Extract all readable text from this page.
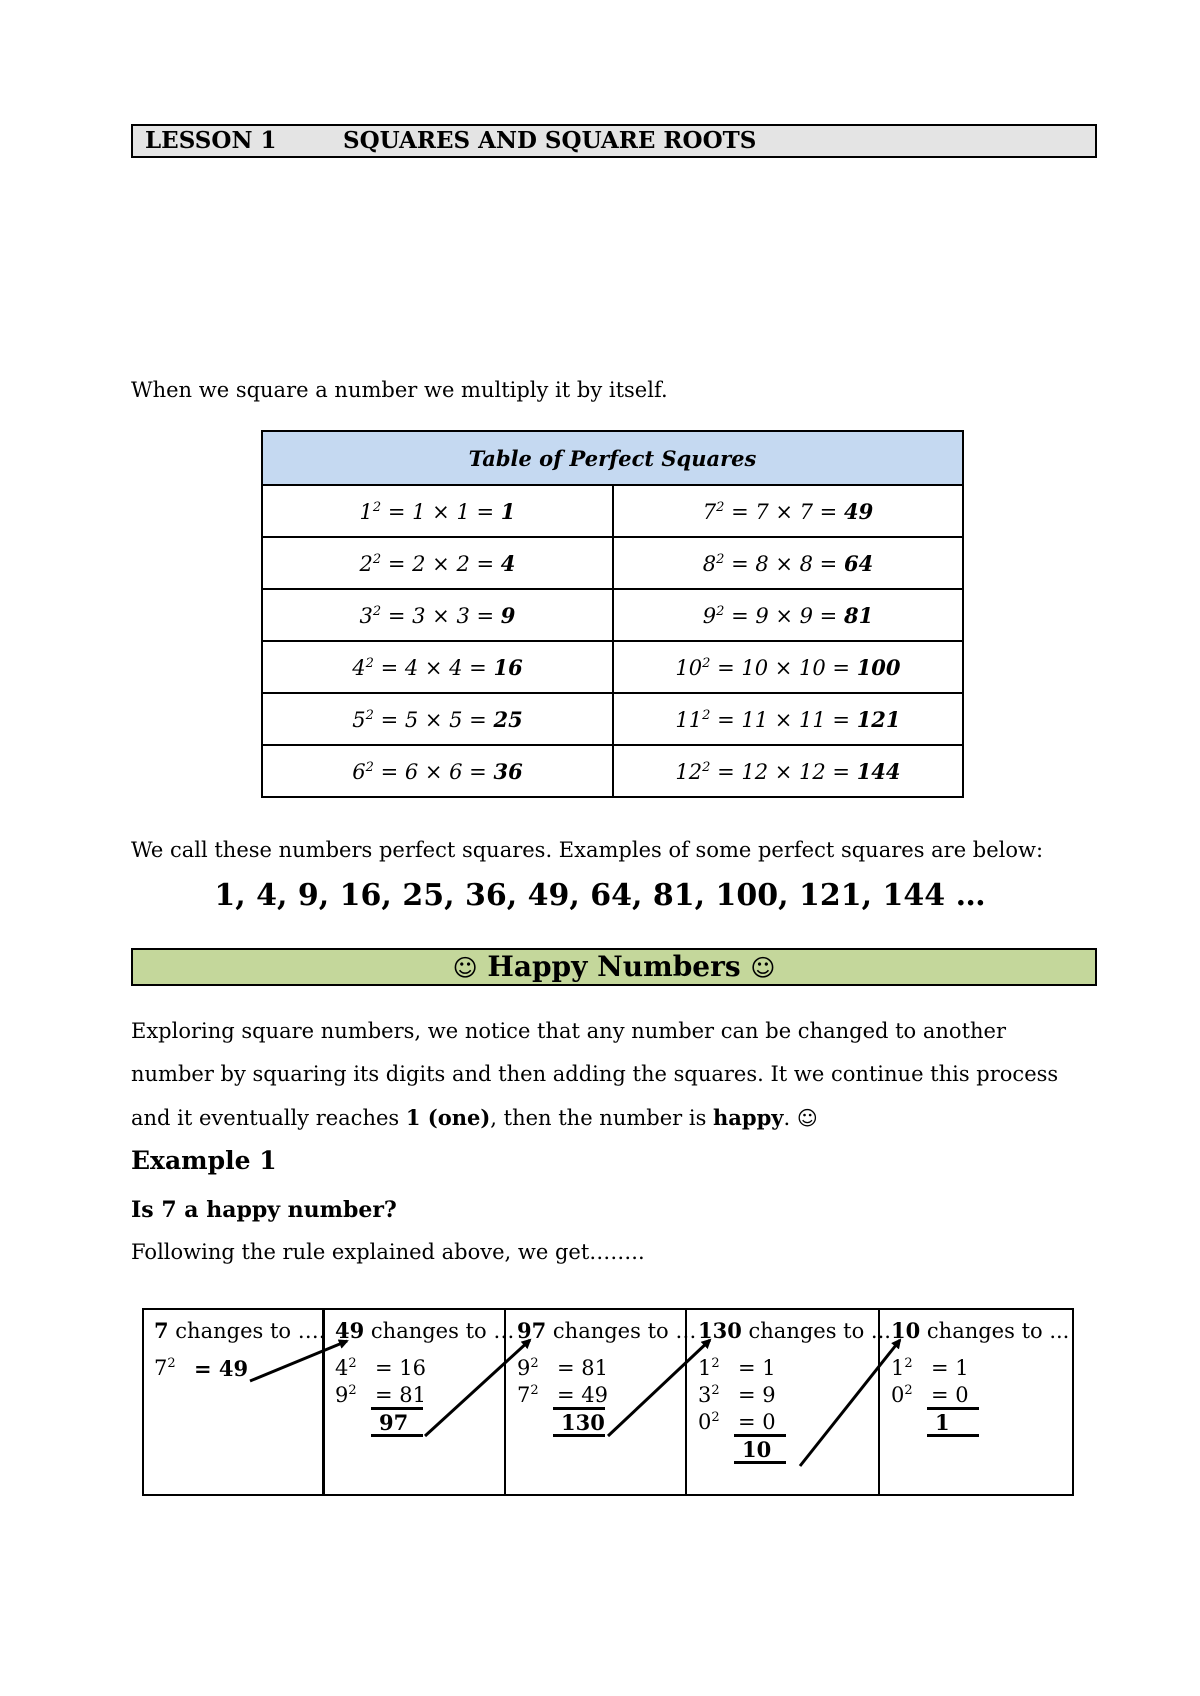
LESSON 1	SQUARES AND SQUARE ROOTS
When we square a number we multiply it by itself.
Table of Perfect Squares	
$1^2 = 1 \times 1 = 1$	$7^2 = 7 \times 7 = 49$
$2^2 = 2 \times 2 = 4$	$8^2 = 8 \times 8 = 64$
$3^2 = 3 \times 3 = 9$	$9^2 = 9 \times 9 = 81$
$4^2 = 4 \times 4 = 16$	$10^2 = 10 \times 10 = 100$
$5^2 = 5 \times 5 = 25$	$11^2 = 11 \times 11 = 121$
$6^2 = 6 \times 6 = 36$	$12^2 = 12 \times 12 = 144$
We call these numbers perfect squares. Examples of some perfect squares are below:
1, 4, 9, 16, 25, 36, 49, 64, 81, 100, 121, 144 …
☺ Happy Numbers ☺
Exploring square numbers, we notice that any number can be changed to another number by squaring its digits and then adding the squares. It we continue this process and it eventually reaches 1 (one), then the number is happy. ☺
Example 1
Is 7 a happy number?
Following the rule explained above, we get……..
7 changes to ….
$7^2 = 49$
49 changes to …
$4^2 = 16$
$9^2 = 81$
97
97 changes to …
$9^2 = 81$
$7^2 = 49$
130
130 changes to ...
$1^2 = 1$
$3^2 = 9$
$0^2 = 0$
10
10 changes to ...
$1^2 = 1$
$0^2 = 0$
1
